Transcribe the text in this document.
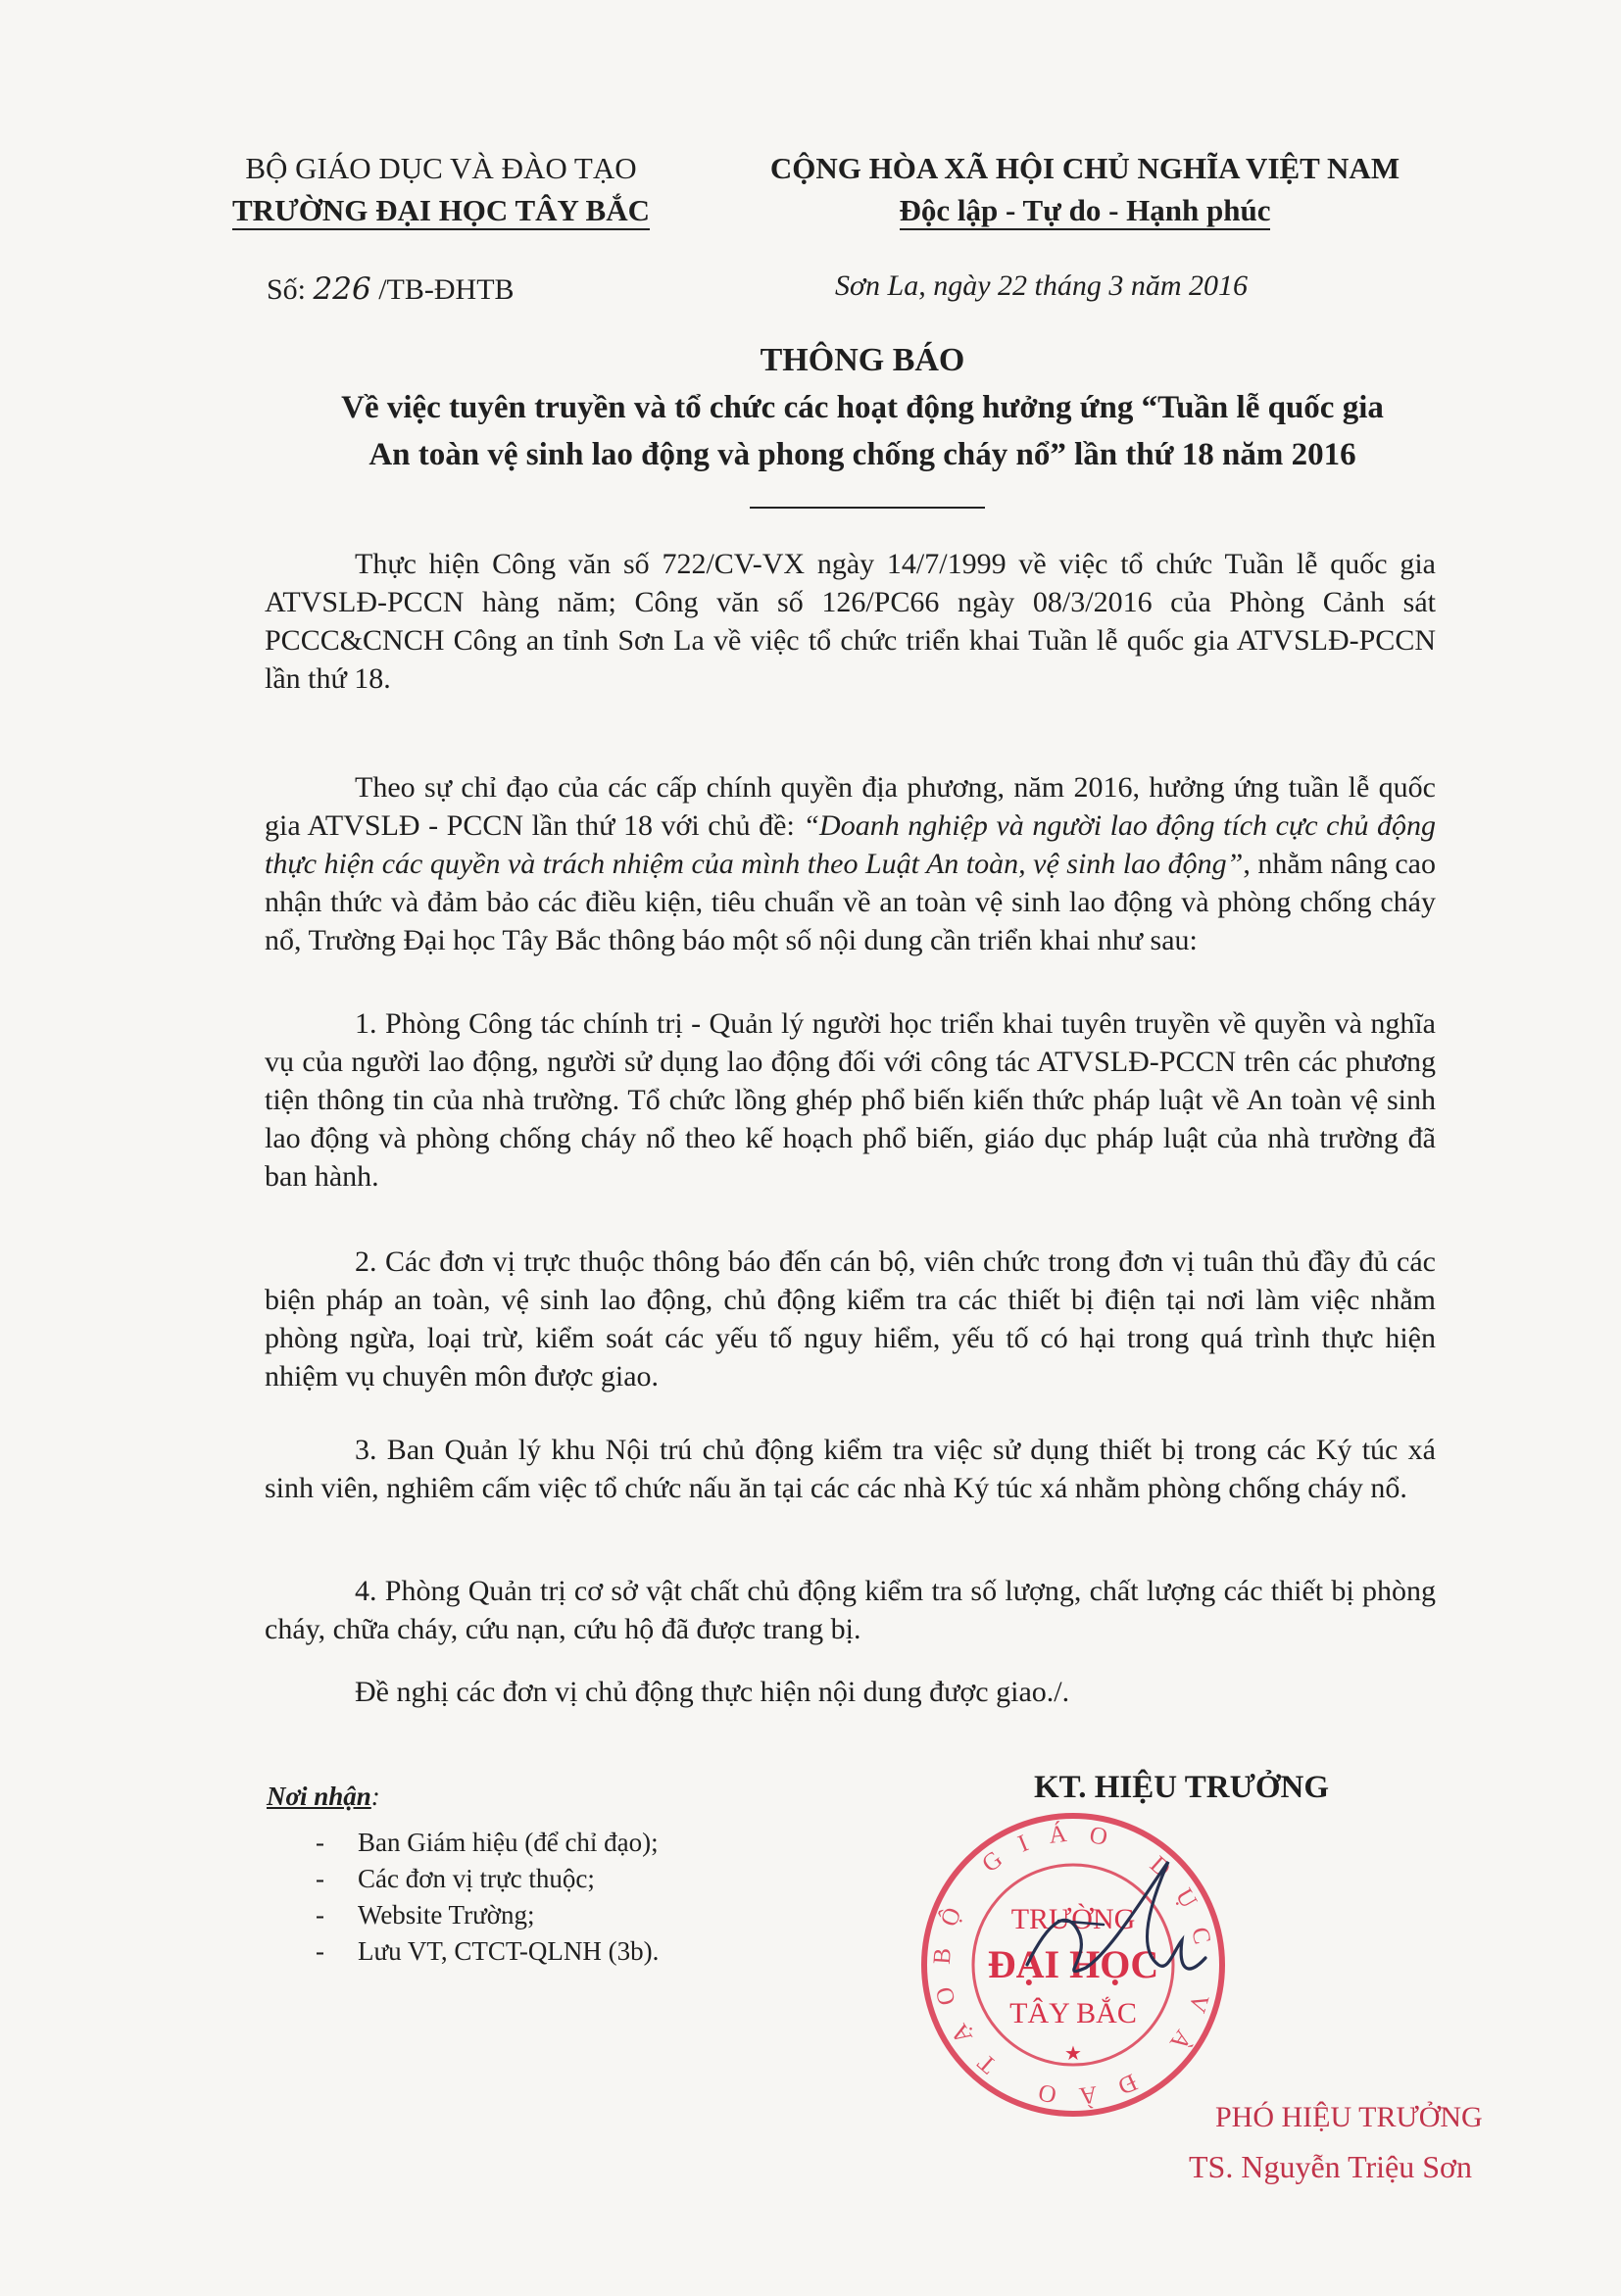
BỘ GIÁO DỤC VÀ ĐÀO TẠO
TRƯỜNG ĐẠI HỌC TÂY BẮC
CỘNG HÒA XÃ HỘI CHỦ NGHĨA VIỆT NAM
Độc lập - Tự do - Hạnh phúc
Số: 226 /TB-ĐHTB	Sơn La, ngày 22 tháng 3 năm 2016
THÔNG BÁO
Về việc tuyên truyền và tổ chức các hoạt động hưởng ứng “Tuần lễ quốc gia
An toàn vệ sinh lao động và phong chống cháy nổ” lần thứ 18 năm 2016
Thực hiện Công văn số 722/CV-VX ngày 14/7/1999 về việc tổ chức Tuần lễ quốc gia ATVSLĐ-PCCN hàng năm; Công văn số 126/PC66 ngày 08/3/2016 của Phòng Cảnh sát PCCC&CNCH Công an tỉnh Sơn La về việc tổ chức triển khai Tuần lễ quốc gia ATVSLĐ-PCCN lần thứ 18.
Theo sự chỉ đạo của các cấp chính quyền địa phương, năm 2016, hưởng ứng tuần lễ quốc gia ATVSLĐ - PCCN lần thứ 18 với chủ đề: “Doanh nghiệp và người lao động tích cực chủ động thực hiện các quyền và trách nhiệm của mình theo Luật An toàn, vệ sinh lao động”, nhằm nâng cao nhận thức và đảm bảo các điều kiện, tiêu chuẩn về an toàn vệ sinh lao động và phòng chống cháy nổ, Trường Đại học Tây Bắc thông báo một số nội dung cần triển khai như sau:
1. Phòng Công tác chính trị - Quản lý người học triển khai tuyên truyền về quyền và nghĩa vụ của người lao động, người sử dụng lao động đối với công tác ATVSLĐ-PCCN trên các phương tiện thông tin của nhà trường. Tổ chức lồng ghép phổ biến kiến thức pháp luật về An toàn vệ sinh lao động và phòng chống cháy nổ theo kế hoạch phổ biến, giáo dục pháp luật của nhà trường đã ban hành.
2. Các đơn vị trực thuộc thông báo đến cán bộ, viên chức trong đơn vị tuân thủ đầy đủ các biện pháp an toàn, vệ sinh lao động, chủ động kiểm tra các thiết bị điện tại nơi làm việc nhằm phòng ngừa, loại trừ, kiểm soát các yếu tố nguy hiểm, yếu tố có hại trong quá trình thực hiện nhiệm vụ chuyên môn được giao.
3. Ban Quản lý khu Nội trú chủ động kiểm tra việc sử dụng thiết bị trong các Ký túc xá sinh viên, nghiêm cấm việc tổ chức nấu ăn tại các các nhà Ký túc xá nhằm phòng chống cháy nổ.
4. Phòng Quản trị cơ sở vật chất chủ động kiểm tra số lượng, chất lượng các thiết bị phòng cháy, chữa cháy, cứu nạn, cứu hộ đã được trang bị.
Đề nghị các đơn vị chủ động thực hiện nội dung được giao./.
Nơi nhận:
- Ban Giám hiệu (để chỉ đạo);
- Các đơn vị trực thuộc;
- Website Trường;
- Lưu VT, CTCT-QLNH (3b).
KT. HIỆU TRƯỞNG
BỘ GIÁO DỤC VÀ ĐÀO TẠO
TRƯỜNG
ĐẠI HỌC
TÂY BẮC
★
PHÓ HIỆU TRƯỞNG
TS. Nguyễn Triệu Sơn
